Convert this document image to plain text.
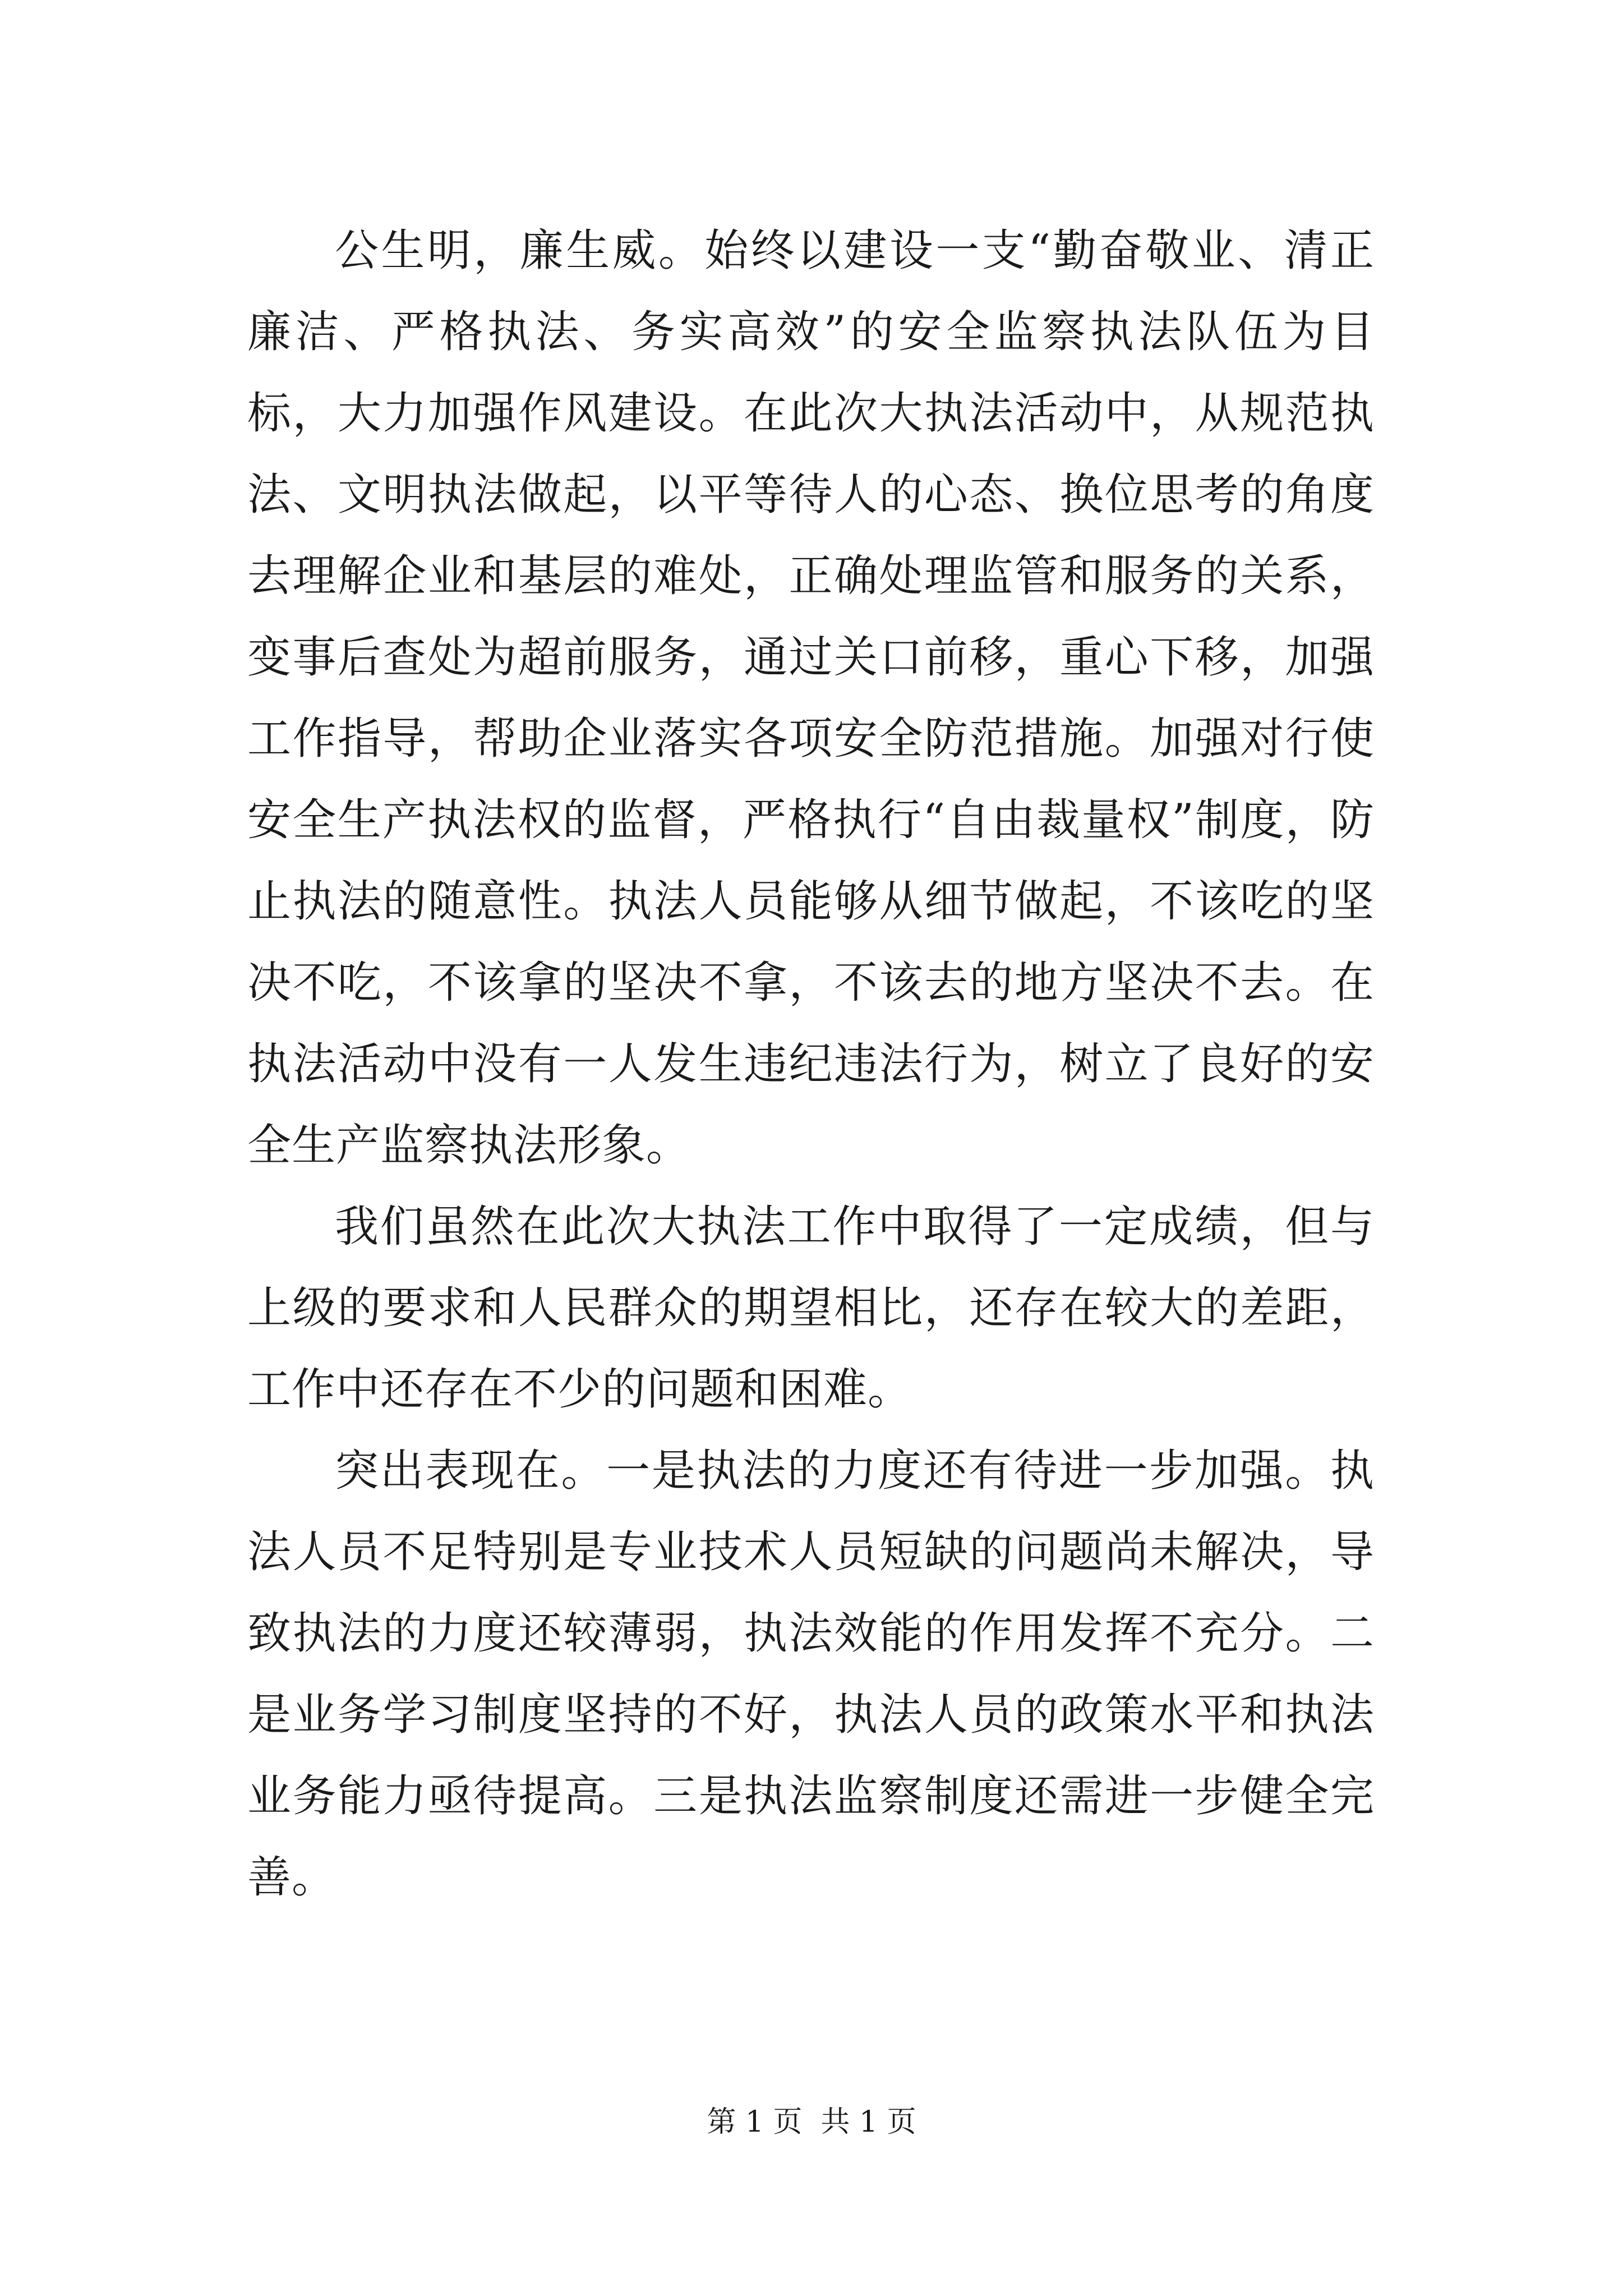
公生明，廉生威。始终以建设一支“勤奋敬业、清正廉洁、严格执法、务实高效”的安全监察执法队伍为目标，大力加强作风建设。在此次大执法活动中，从规范执法、文明执法做起，以平等待人的心态、换位思考的角度去理解企业和基层的难处，正确处理监管和服务的关系，变事后查处为超前服务，通过关口前移，重心下移，加强工作指导，帮助企业落实各项安全防范措施。加强对行使安全生产执法权的监督，严格执行“自由裁量权”制度，防止执法的随意性。执法人员能够从细节做起，不该吃的坚决不吃，不该拿的坚决不拿，不该去的地方坚决不去。在执法活动中没有一人发生违纪违法行为，树立了良好的安全生产监察执法形象。

我们虽然在此次大执法工作中取得了一定成绩，但与上级的要求和人民群众的期望相比，还存在较大的差距，工作中还存在不少的问题和困难。

突出表现在。一是执法的力度还有待进一步加强。执法人员不足特别是专业技术人员短缺的问题尚未解决，导致执法的力度还较薄弱，执法效能的作用发挥不充分。二是业务学习制度坚持的不好，执法人员的政策水平和执法业务能力亟待提高。三是执法监察制度还需进一步健全完善。

第 1 页  共 1 页
